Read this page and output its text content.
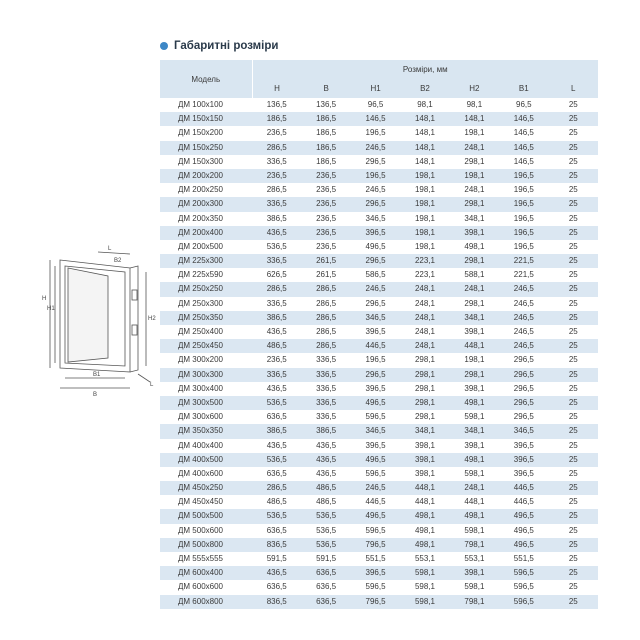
Габаритні розміри
L
B2
H
H1
H2
B1
B
L
Модель	Розміри, мм						
	H	B	H1	B2	H2	B1	L
ДМ 100x100	136,5	136,5	96,5	98,1	98,1	96,5	25
ДМ 150x150	186,5	186,5	146,5	148,1	148,1	146,5	25
ДМ 150x200	236,5	186,5	196,5	148,1	198,1	146,5	25
ДМ 150x250	286,5	186,5	246,5	148,1	248,1	146,5	25
ДМ 150x300	336,5	186,5	296,5	148,1	298,1	146,5	25
ДМ 200x200	236,5	236,5	196,5	198,1	198,1	196,5	25
ДМ 200x250	286,5	236,5	246,5	198,1	248,1	196,5	25
ДМ 200x300	336,5	236,5	296,5	198,1	298,1	196,5	25
ДМ 200x350	386,5	236,5	346,5	198,1	348,1	196,5	25
ДМ 200x400	436,5	236,5	396,5	198,1	398,1	196,5	25
ДМ 200x500	536,5	236,5	496,5	198,1	498,1	196,5	25
ДМ 225x300	336,5	261,5	296,5	223,1	298,1	221,5	25
ДМ 225x590	626,5	261,5	586,5	223,1	588,1	221,5	25
ДМ 250x250	286,5	286,5	246,5	248,1	248,1	246,5	25
ДМ 250x300	336,5	286,5	296,5	248,1	298,1	246,5	25
ДМ 250x350	386,5	286,5	346,5	248,1	348,1	246,5	25
ДМ 250x400	436,5	286,5	396,5	248,1	398,1	246,5	25
ДМ 250x450	486,5	286,5	446,5	248,1	448,1	246,5	25
ДМ 300x200	236,5	336,5	196,5	298,1	198,1	296,5	25
ДМ 300x300	336,5	336,5	296,5	298,1	298,1	296,5	25
ДМ 300x400	436,5	336,5	396,5	298,1	398,1	296,5	25
ДМ 300x500	536,5	336,5	496,5	298,1	498,1	296,5	25
ДМ 300x600	636,5	336,5	596,5	298,1	598,1	296,5	25
ДМ 350x350	386,5	386,5	346,5	348,1	348,1	346,5	25
ДМ 400x400	436,5	436,5	396,5	398,1	398,1	396,5	25
ДМ 400x500	536,5	436,5	496,5	398,1	498,1	396,5	25
ДМ 400x600	636,5	436,5	596,5	398,1	598,1	396,5	25
ДМ 450x250	286,5	486,5	246,5	448,1	248,1	446,5	25
ДМ 450x450	486,5	486,5	446,5	448,1	448,1	446,5	25
ДМ 500x500	536,5	536,5	496,5	498,1	498,1	496,5	25
ДМ 500x600	636,5	536,5	596,5	498,1	598,1	496,5	25
ДМ 500x800	836,5	536,5	796,5	498,1	798,1	496,5	25
ДМ 555x555	591,5	591,5	551,5	553,1	553,1	551,5	25
ДМ 600x400	436,5	636,5	396,5	598,1	398,1	596,5	25
ДМ 600x600	636,5	636,5	596,5	598,1	598,1	596,5	25
ДМ 600x800	836,5	636,5	796,5	598,1	798,1	596,5	25
